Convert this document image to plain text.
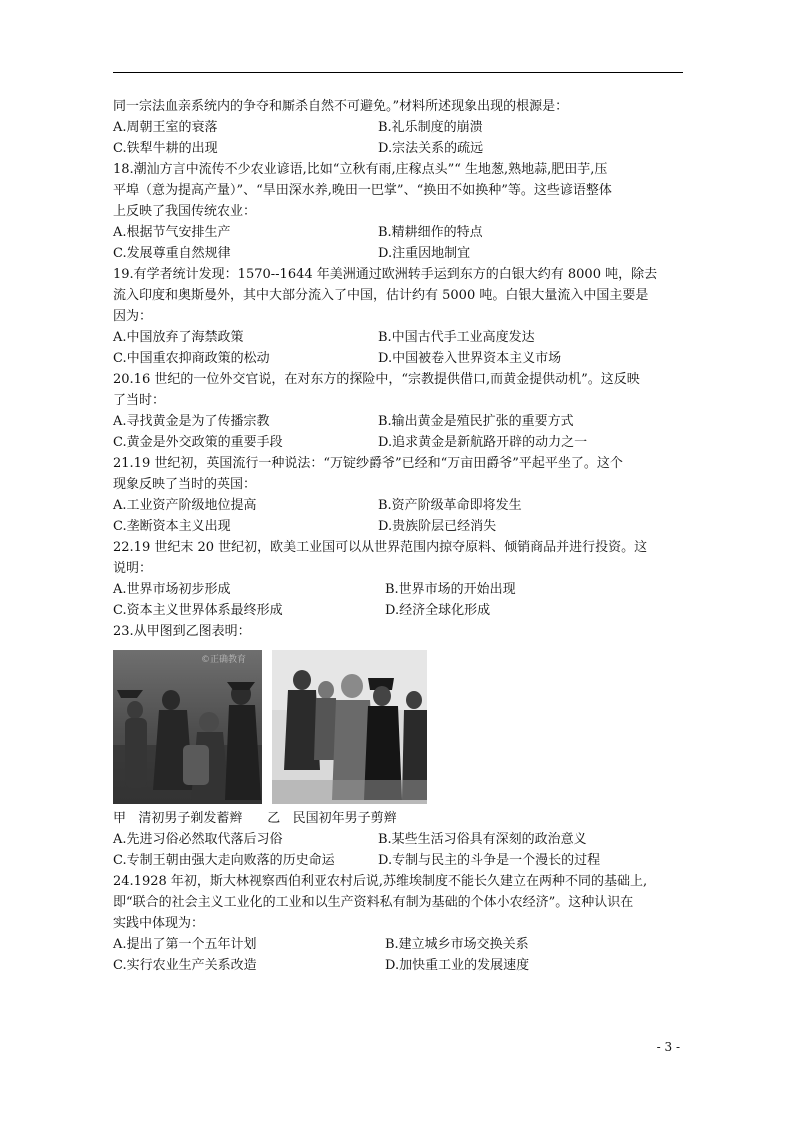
同一宗法血亲系统内的争夺和厮杀自然不可避免。”材料所述现象出现的根源是：
A.周朝王室的衰落	B.礼乐制度的崩溃
C.铁犁牛耕的出现	D.宗法关系的疏远
18.潮汕方言中流传不少农业谚语,比如“立秋有雨,庄稼点头”“ 生地葱,熟地蒜,肥田芋,压
平埠（意为提高产量）”、“旱田深水养,晚田一巴掌”、“换田不如换种”等。这些谚语整体
上反映了我国传统农业：
A.根据节气安排生产	B.精耕细作的特点
C.发展尊重自然规律	D.注重因地制宜
19.有学者统计发现：1570--1644 年美洲通过欧洲转手运到东方的白银大约有 8000 吨，除去
流入印度和奥斯曼外，其中大部分流入了中国，估计约有 5000 吨。白银大量流入中国主要是
因为：
A.中国放弃了海禁政策	B.中国古代手工业高度发达
C.中国重农抑商政策的松动	D.中国被卷入世界资本主义市场
20.16 世纪的一位外交官说，在对东方的探险中，“宗教提供借口,而黄金提供动机”。这反映
了当时：
A.寻找黄金是为了传播宗教	B.输出黄金是殖民扩张的重要方式
C.黄金是外交政策的重要手段	D.追求黄金是新航路开辟的动力之一
21.19 世纪初，英国流行一种说法：“万锭纱爵爷”已经和“万亩田爵爷”平起平坐了。这个
现象反映了当时的英国：
A.工业资产阶级地位提高	B.资产阶级革命即将发生
C.垄断资本主义出现	D.贵族阶层已经消失
22.19 世纪末 20 世纪初，欧美工业国可以从世界范围内掠夺原料、倾销商品并进行投资。这
说明：
A.世界市场初步形成	B.世界市场的开始出现
C.资本主义世界体系最终形成	D.经济全球化形成
23.从甲图到乙图表明：
©正确教育
甲   清初男子剃发蓄辫      乙   民国初年男子剪辫
A.先进习俗必然取代落后习俗	B.某些生活习俗具有深刻的政治意义
C.专制王朝由强大走向败落的历史命运	D.专制与民主的斗争是一个漫长的过程
24.1928 年初，斯大林视察西伯利亚农村后说,苏维埃制度不能长久建立在两种不同的基础上,
即“联合的社会主义工业化的工业和以生产资料私有制为基础的个体小农经济”。这种认识在
实践中体现为：
A.提出了第一个五年计划	B.建立城乡市场交换关系
C.实行农业生产关系改造	D.加快重工业的发展速度
- 3 -
